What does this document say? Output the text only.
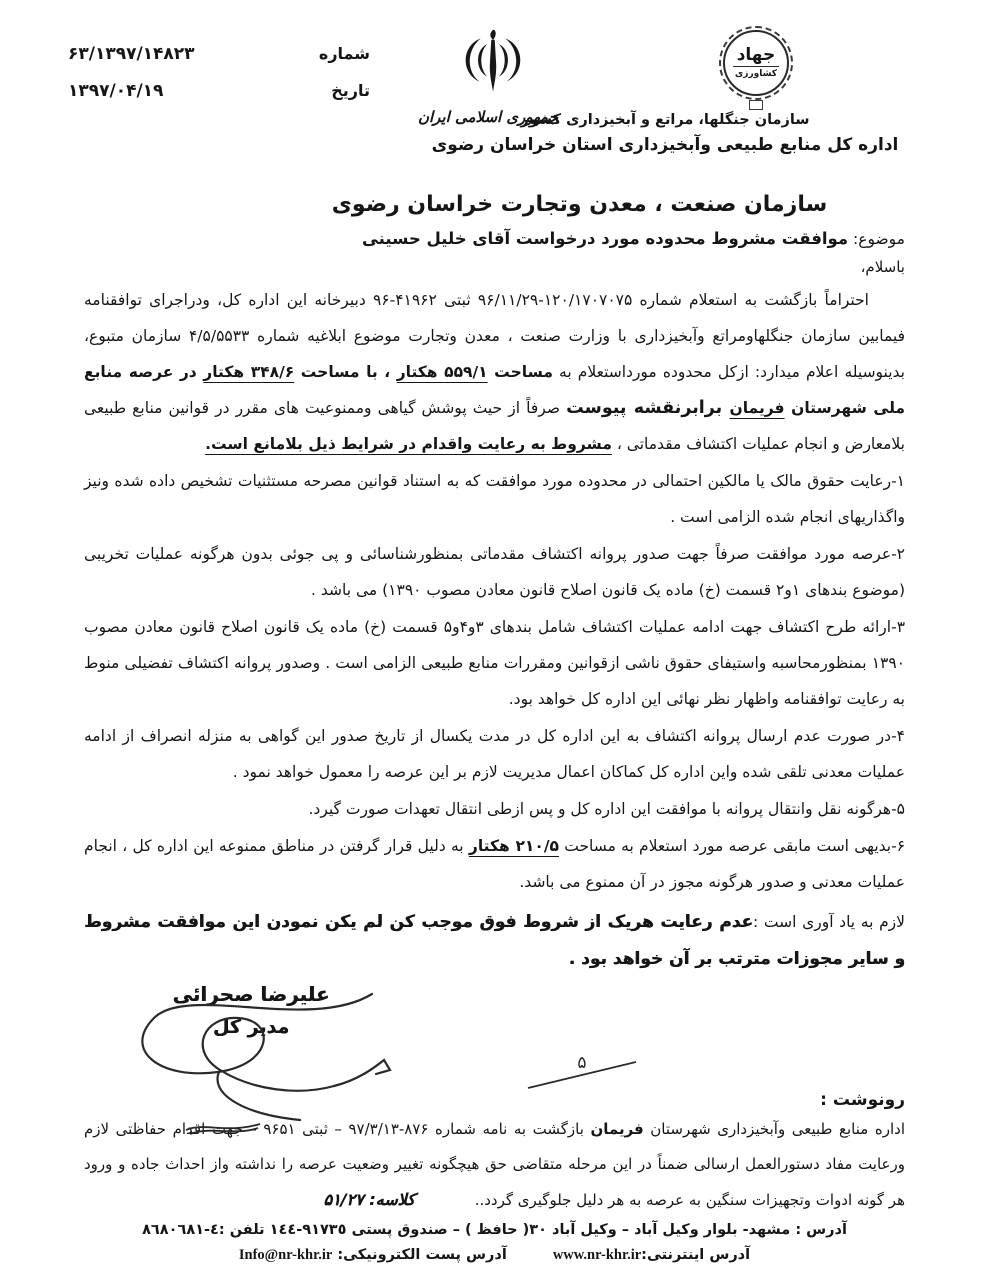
شماره
۶۳/۱۳۹۷/۱۴۸۲۳
تاریخ
۱۳۹۷/۰۴/۱۹
جمهوری اسلامی ایران
جهاد
کشاورزی
سازمان جنگلها، مراتع و آبخیزداری کشور
اداره کل منابع طبیعی وآبخیزداری استان خراسان رضوی
سازمان صنعت ، معدن وتجارت خراسان رضوی
موضوع: موافقت مشروط محدوده مورد درخواست آقای خلیل حسینی
باسلام،

احتراماً بازگشت به استعلام شماره ۱۲۰/۱۷۰۷۰۷۵-۹۶/۱۱/۲۹ ثبتی ۴۱۹۶۲-۹۶ دبیرخانه این اداره کل، ودراجرای توافقنامه فیمابین سازمان جنگلهاومراتع وآبخیزداری با وزارت صنعت ، معدن وتجارت موضوع ابلاغیه شماره ۴/۵/۵۵۳۳ سازمان متبوع، بدینوسیله اعلام میدارد: ازکل محدوده مورداستعلام به مساحت ۵۵۹/۱ هکتار ، با مساحت ۳۴۸/۶ هکتار در عرصه منابع ملی شهرستان فریمان برابرنقشه پیوست صرفاً از حیث پوشش گیاهی وممنوعیت های مقرر در قوانین منابع طبیعی بلامعارض و انجام عملیات اکتشاف مقدماتی ، مشروط به رعایت واقدام در شرایط ذیل بلامانع است.

۱-رعایت حقوق مالک یا مالکین احتمالی در محدوده مورد موافقت که به استناد قوانین مصرحه مستثنیات تشخیص داده شده ونیز واگذاریهای انجام شده الزامی است .

۲-عرصه مورد موافقت صرفاً جهت صدور پروانه اکتشاف مقدماتی بمنظورشناسائی و پی جوئی بدون هرگونه عملیات تخریبی (موضوع بندهای ۱و۲ قسمت (خ) ماده یک قانون اصلاح قانون معادن مصوب ۱۳۹۰) می باشد .

۳-ارائه طرح اکتشاف جهت ادامه عملیات اکتشاف شامل بندهای ۳و۴و۵ قسمت (خ) ماده یک قانون اصلاح قانون معادن مصوب ۱۳۹۰ بمنظورمحاسبه واستیفای حقوق ناشی ازقوانین ومقررات منابع طبیعی الزامی است . وصدور پروانه اکتشاف تفضیلی منوط به رعایت توافقنامه واظهار نظر نهائی این اداره کل خواهد بود.

۴-در صورت عدم ارسال پروانه اکتشاف به این اداره کل در مدت یکسال از تاریخ صدور این گواهی به منزله انصراف از ادامه عملیات معدنی تلقی شده واین اداره کل کماکان اعمال مدیریت لازم بر این عرصه را معمول خواهد نمود .

۵-هرگونه نقل وانتقال پروانه با موافقت این اداره کل و پس ازطی انتقال تعهدات صورت گیرد.

۶-بدیهی است مابقی عرصه مورد استعلام به مساحت ۲۱۰/۵ هکتار به دلیل قرار گرفتن در مناطق ممنوعه این اداره کل ، انجام عملیات معدنی و صدور هرگونه مجوز در آن ممنوع می باشد.

لازم به یاد آوری است :عدم رعایت هریک از شروط فوق موجب کن لم یکن نمودن این موافقت مشروط و سایر مجوزات مترتب بر آن خواهد بود .

علیرضا صحرائی
مدیر کل
۵
رونوشت :

اداره منابع طبیعی وآبخیزداری شهرستان فریمان بازگشت به نامه شماره ۸۷۶-۹۷/۳/۱۳ – ثبتی ۹۶۵۱ – جهت اقدام حفاظتی لازم ورعایت مفاد دستورالعمل ارسالی ضمناً در این مرحله متقاضی حق هیچگونه تغییر وضعیت عرصه را نداشته واز احداث جاده و ورود هر گونه ادوات وتجهیزات سنگین به عرصه به هر دلیل جلوگیری گردد..کلاسه: ۵۱/۲۷

آدرس : مشهد- بلوار وکیل آباد – وکیل آباد ٣٠( حافظ ) – صندوق پستی ٩١٧٣٥-١٤٤ تلفن :٤-٨٦٨٠٦٨١
آدرس اینترنتی:www.nr-khr.irآدرس پست الکترونیکی: Info@nr-khr.ir
